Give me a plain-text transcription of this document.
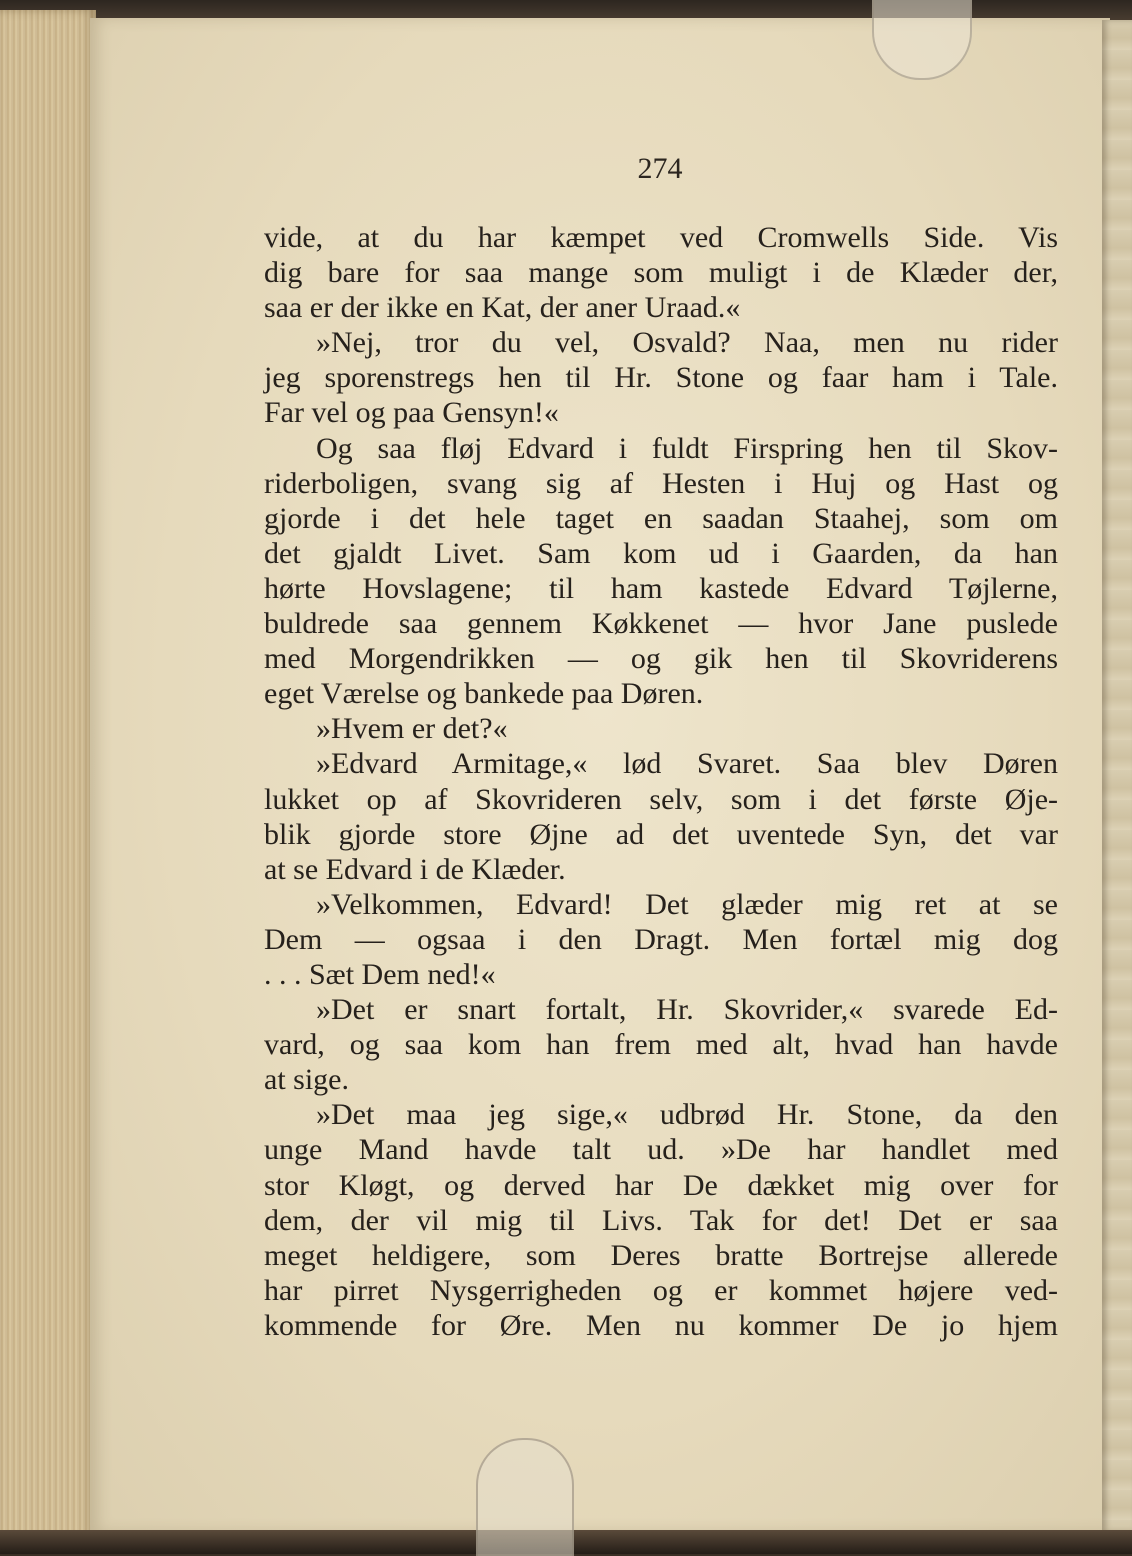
274
vide, at du har kæmpet ved Cromwells Side. Vis
dig bare for saa mange som muligt i de Klæder der,
saa er der ikke en Kat, der aner Uraad.«
»Nej, tror du vel, Osvald? Naa, men nu rider
jeg sporenstregs hen til Hr. Stone og faar ham i Tale.
Far vel og paa Gensyn!«
Og saa fløj Edvard i fuldt Firspring hen til Skov-
riderboligen, svang sig af Hesten i Huj og Hast og
gjorde i det hele taget en saadan Staahej, som om
det gjaldt Livet. Sam kom ud i Gaarden, da han
hørte Hovslagene; til ham kastede Edvard Tøjlerne,
buldrede saa gennem Køkkenet — hvor Jane puslede
med Morgendrikken — og gik hen til Skovriderens
eget Værelse og bankede paa Døren.
»Hvem er det?«
»Edvard Armitage,« lød Svaret. Saa blev Døren
lukket op af Skovrideren selv, som i det første Øje-
blik gjorde store Øjne ad det uventede Syn, det var
at se Edvard i de Klæder.
»Velkommen, Edvard! Det glæder mig ret at se
Dem — ogsaa i den Dragt. Men fortæl mig dog
. . . Sæt Dem ned!«
»Det er snart fortalt, Hr. Skovrider,« svarede Ed-
vard, og saa kom han frem med alt, hvad han havde
at sige.
»Det maa jeg sige,« udbrød Hr. Stone, da den
unge Mand havde talt ud. »De har handlet med
stor Kløgt, og derved har De dækket mig over for
dem, der vil mig til Livs. Tak for det! Det er saa
meget heldigere, som Deres bratte Bortrejse allerede
har pirret Nysgerrigheden og er kommet højere ved-
kommende for Øre. Men nu kommer De jo hjem
